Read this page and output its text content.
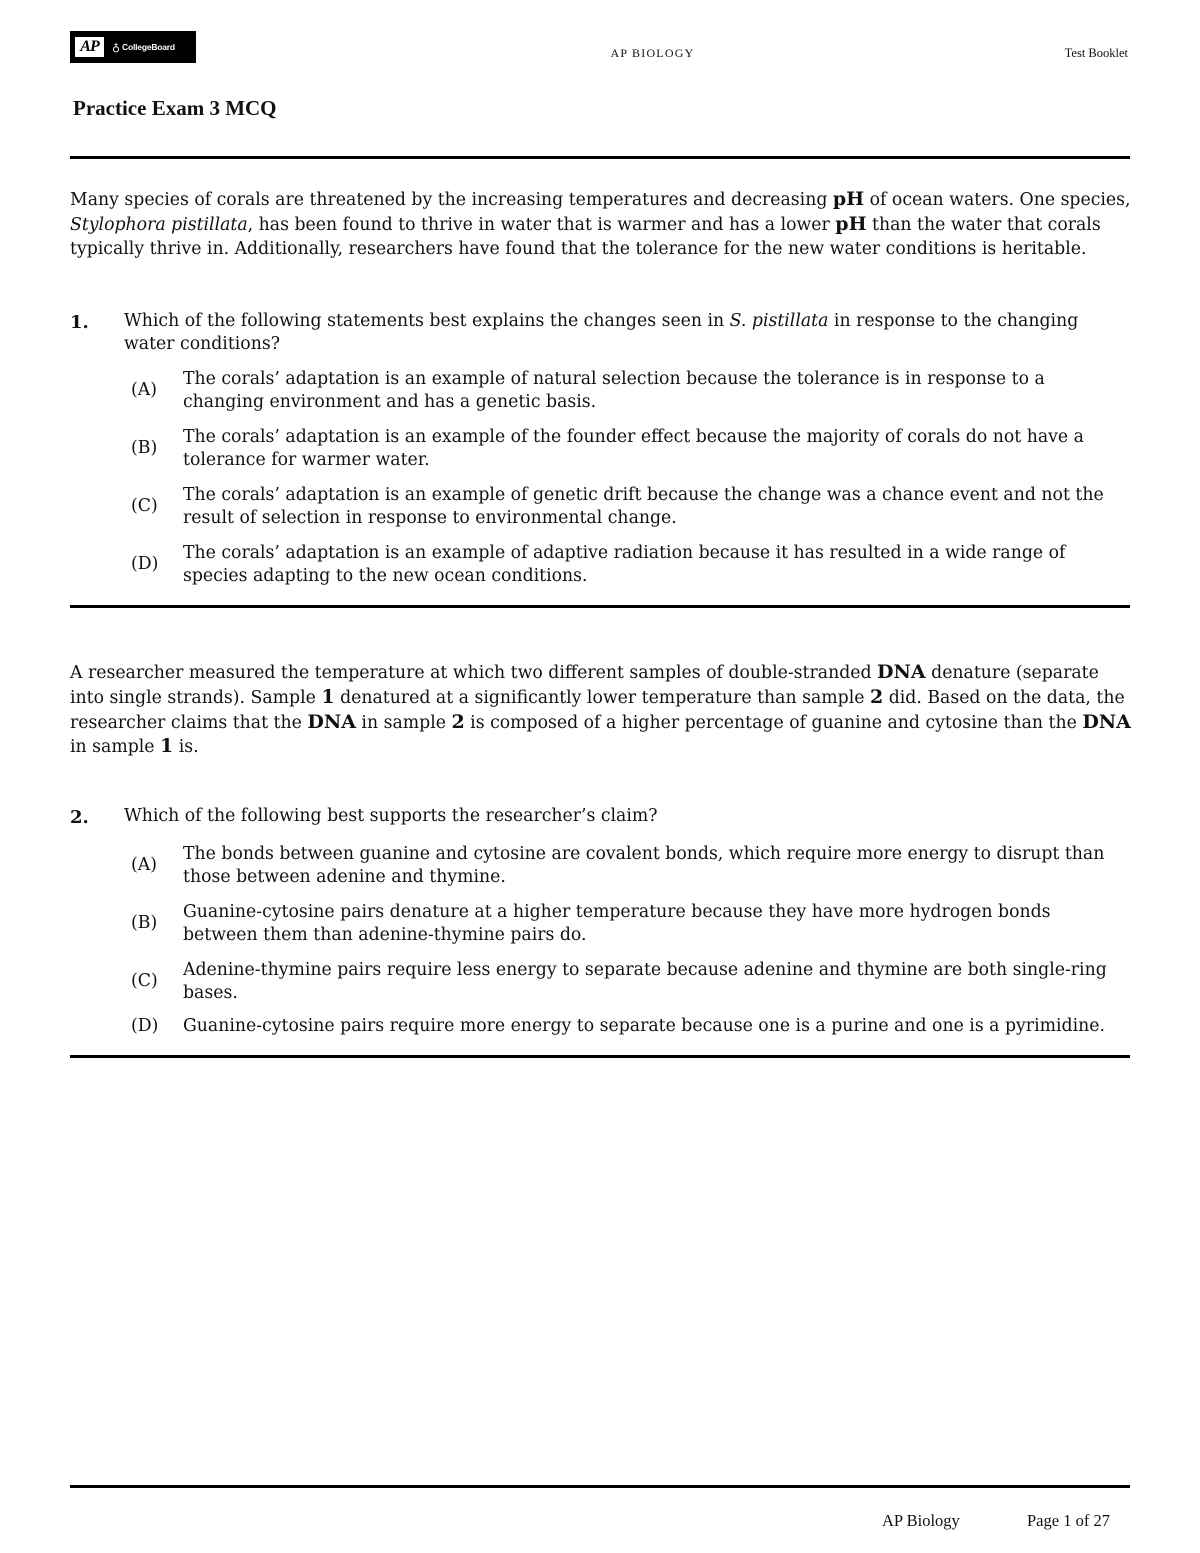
AP	♁ CollegeBoard	AP BIOLOGY	Test Booklet
Practice Exam 3 MCQ
Many species of corals are threatened by the increasing temperatures and decreasing pH of ocean waters. One species, Stylophora pistillata, has been found to thrive in water that is warmer and has a lower pH than the water that corals typically thrive in. Additionally, researchers have found that the tolerance for the new water conditions is heritable.
1. Which of the following statements best explains the changes seen in S. pistillata in response to the changing water conditions?
(A)
The corals’ adaptation is an example of natural selection because the tolerance is in response to a changing environment and has a genetic basis.
(B)
The corals’ adaptation is an example of the founder effect because the majority of corals do not have a tolerance for warmer water.
(C)
The corals’ adaptation is an example of genetic drift because the change was a chance event and not the result of selection in response to environmental change.
(D)
The corals’ adaptation is an example of adaptive radiation because it has resulted in a wide range of species adapting to the new ocean conditions.
A researcher measured the temperature at which two different samples of double-stranded DNA denature (separate into single strands). Sample 1 denatured at a significantly lower temperature than sample 2 did. Based on the data, the researcher claims that the DNA in sample 2 is composed of a higher percentage of guanine and cytosine than the DNA in sample 1 is.
2. Which of the following best supports the researcher’s claim?
(A)
The bonds between guanine and cytosine are covalent bonds, which require more energy to disrupt than those between adenine and thymine.
(B)
Guanine-cytosine pairs denature at a higher temperature because they have more hydrogen bonds between them than adenine-thymine pairs do.
(C)
Adenine-thymine pairs require less energy to separate because adenine and thymine are both single-ring bases.
(D) Guanine-cytosine pairs require more energy to separate because one is a purine and one is a pyrimidine.
AP Biology	Page 1 of 27
